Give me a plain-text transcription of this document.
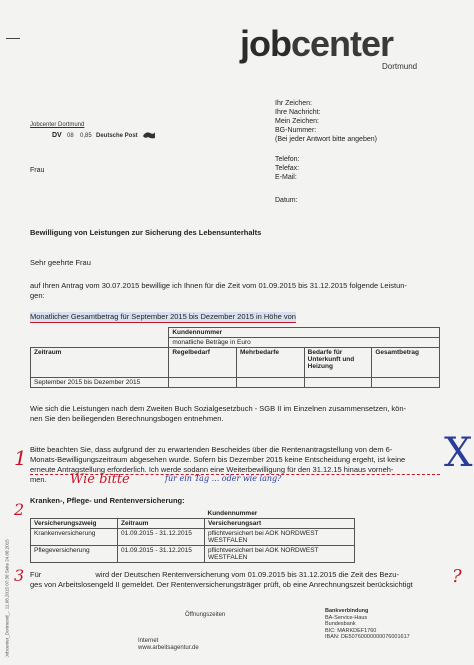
jobcenter
Dortmund
Jobcenter Dortmund
DV 08 0,85 Deutsche Post
Frau
Ihr Zeichen:
Ihre Nachricht:
Mein Zeichen:
BG-Nummer:
(Bei jeder Antwort bitte angeben)
Telefon:
Telefax:
E-Mail:
Datum:
Bewilligung von Leistungen zur Sicherung des Lebensunterhalts
Sehr geehrte Frau
auf Ihren Antrag vom 30.07.2015 bewillige ich Ihnen für die Zeit vom 01.09.2015 bis 31.12.2015 folgende Leistun-
gen:
Monatlicher Gesamtbetrag für September 2015 bis Dezember 2015 in Höhe von
	Kundennummer			
	monatliche Beträge in Euro			
Zeitraum	Regelbedarf	Mehrbedarfe	Bedarfe für Unterkunft und Heizung	Gesamtbetrag
September 2015 bis Dezember 2015				
Wie sich die Leistungen nach dem Zweiten Buch Sozialgesetzbuch - SGB II im Einzelnen zusammensetzen, kön-
nen Sie den beiliegenden Berechnungsbogen entnehmen.
Bitte beachten Sie, dass aufgrund der zu erwartenden Bescheides über die Rentenantragstellung von dem 6-
Monats-Bewilligungszeitraum abgesehen wurde. Sofern bis Dezember 2015 keine Entscheidung ergeht, ist keine
erneute Antragstellung erforderlich. Ich werde sodann eine Weiterbewilligung für den 31.12.15 hinaus vorneh-
men.
1
Wie bitte	für ein Tag ... oder wie lang?
X
Kranken-, Pflege- und Rentenversicherung:
2
		Kundennummer
Versicherungszweig	Zeitraum	Versicherungsart
Krankenversicherung	01.09.2015 - 31.12.2015	pflichtversichert bei AOK NORDWEST WESTFALEN
Pflegeversicherung	01.09.2015 - 31.12.2015	pflichtversichert bei AOK NORDWEST WESTFALEN
3 Für                          wird der Deutschen Rentenversicherung vom 01.09.2015 bis 31.12.2015 die Zeit des Bezu-
ges von Arbeitslosengeld II gemeldet. Der Rentenversicherungsträger prüft, ob eine Anrechnungszeit berücksichtigt ?
Öffnungszeiten
Internet
www.arbeitsagentur.de
Bankverbindung
BA-Service-Haus
Bundesbank
BIC: MARKDEF1760
IBAN: DE50760000000076001617
Jobcenter_Dortmund_.. 11.08.2015 07:38 Seite 24.08.2015
